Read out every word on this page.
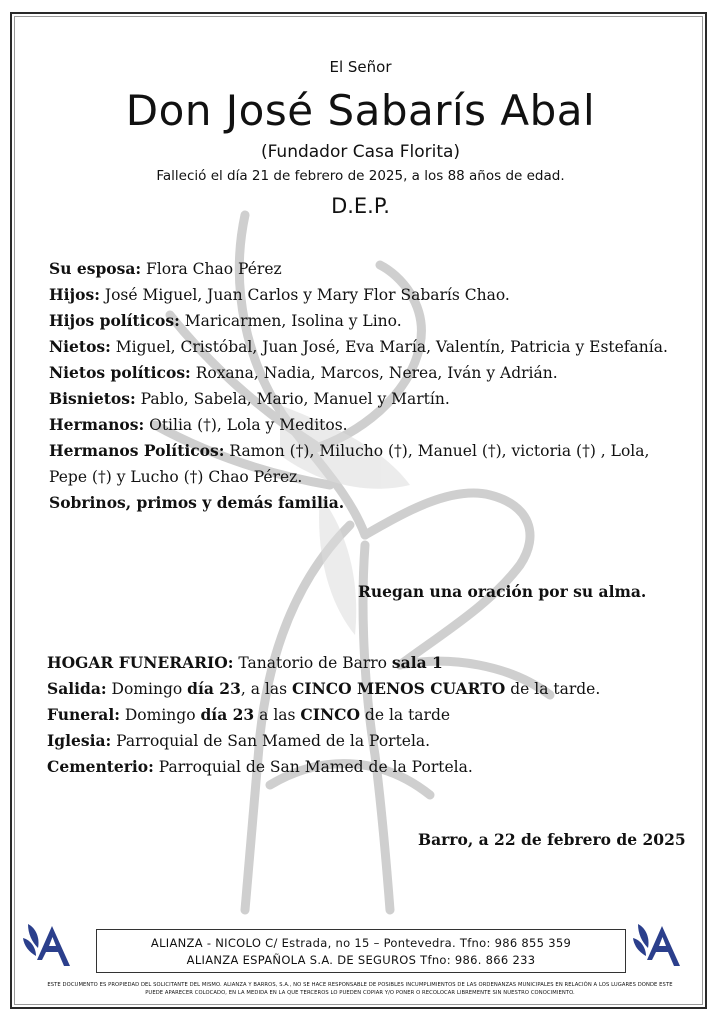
El Señor
Don José Sabarís Abal
(Fundador Casa Florita)
Falleció el día 21 de febrero de 2025, a los 88 años de edad.
D.E.P.
Su esposa: Flora Chao Pérez
Hijos: José Miguel, Juan Carlos y Mary Flor Sabarís Chao.
Hijos políticos: Maricarmen, Isolina y Lino.
Nietos: Miguel, Cristóbal, Juan José, Eva María, Valentín, Patricia y Estefanía.
Nietos políticos: Roxana, Nadia, Marcos, Nerea, Iván y Adrián.
Bisnietos: Pablo, Sabela, Mario, Manuel y Martín.
Hermanos: Otilia (†), Lola y Meditos.
Hermanos Políticos: Ramon (†), Milucho (†), Manuel (†), victoria (†) , Lola, Pepe (†) y Lucho (†) Chao Pérez.
Sobrinos, primos y demás familia.
Ruegan una oración por su alma.
HOGAR FUNERARIO: Tanatorio de Barro sala 1
Salida: Domingo día 23, a las CINCO MENOS CUARTO de la tarde.
Funeral: Domingo día 23 a las CINCO de la tarde
Iglesia: Parroquial de San Mamed de la Portela.
Cementerio: Parroquial de San Mamed de la Portela.
Barro, a 22 de febrero de 2025
ALIANZA - NICOLO C/ Estrada, no 15 – Pontevedra. Tfno: 986 855 359
ALIANZA ESPAÑOLA S.A. DE SEGUROS Tfno: 986. 866 233
ESTE DOCUMENTO ES PROPIEDAD DEL SOLICITANTE DEL MISMO. ALIANZA Y BARROS, S.A., NO SE HACE RESPONSABLE DE POSIBLES INCUMPLIMIENTOS DE LAS ORDENANZAS MUNICIPALES EN RELACIÓN A LOS LUGARES DONDE ESTE PUEDE APARECER COLOCADO, EN LA MEDIDA EN LA QUE TERCEROS LO PUEDEN COPIAR Y/O PONER O RECOLOCAR LIBREMENTE SIN NUESTRO CONOCIMIENTO.
